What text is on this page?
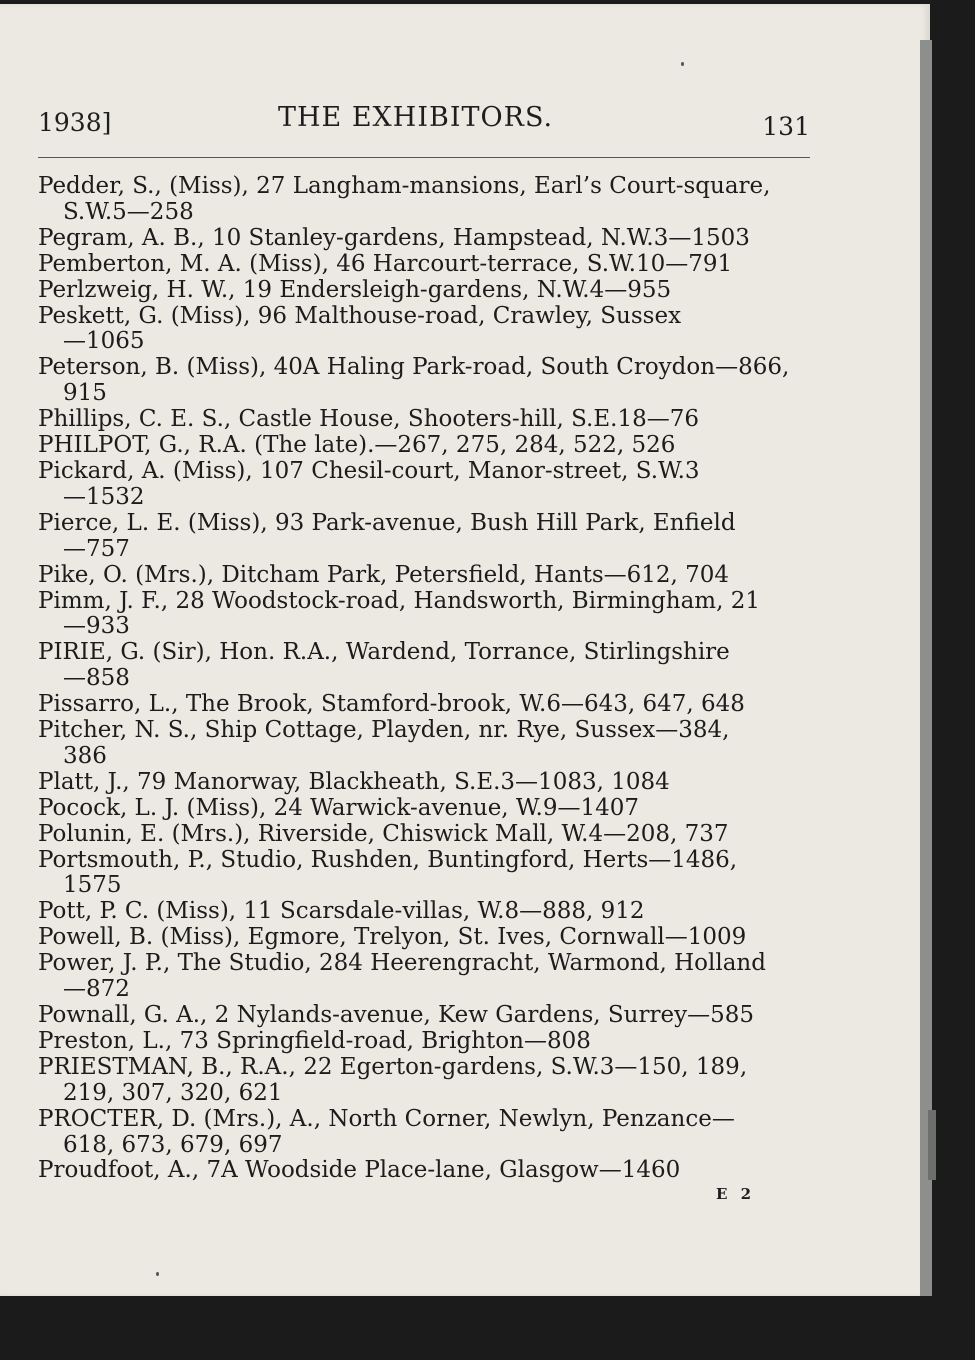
1938]	THE EXHIBITORS.	131
Pedder, S., (Miss), 27 Langham-mansions, Earl’s Court-square,
S.W.5—258
Pegram, A. B., 10 Stanley-gardens, Hampstead, N.W.3—1503
Pemberton, M. A. (Miss), 46 Harcourt-terrace, S.W.10—791
Perlzweig, H. W., 19 Endersleigh-gardens, N.W.4—955
Peskett, G. (Miss), 96 Malthouse-road, Crawley, Sussex
—1065
Peterson, B. (Miss), 40A Haling Park-road, South Croydon—866,
915
Phillips, C. E. S., Castle House, Shooters-hill, S.E.18—76
PHILPOT, G., R.A. (The late).—267, 275, 284, 522, 526
Pickard, A. (Miss), 107 Chesil-court, Manor-street, S.W.3
—1532
Pierce, L. E. (Miss), 93 Park-avenue, Bush Hill Park, Enfield
—757
Pike, O. (Mrs.), Ditcham Park, Petersfield, Hants—612, 704
Pimm, J. F., 28 Woodstock-road, Handsworth, Birmingham, 21
—933
PIRIE, G. (Sir), Hon. R.A., Wardend, Torrance, Stirlingshire
—858
Pissarro, L., The Brook, Stamford-brook, W.6—643, 647, 648
Pitcher, N. S., Ship Cottage, Playden, nr. Rye, Sussex—384,
386
Platt, J., 79 Manorway, Blackheath, S.E.3—1083, 1084
Pocock, L. J. (Miss), 24 Warwick-avenue, W.9—1407
Polunin, E. (Mrs.), Riverside, Chiswick Mall, W.4—208, 737
Portsmouth, P., Studio, Rushden, Buntingford, Herts—1486,
1575
Pott, P. C. (Miss), 11 Scarsdale-villas, W.8—888, 912
Powell, B. (Miss), Egmore, Trelyon, St. Ives, Cornwall—1009
Power, J. P., The Studio, 284 Heerengracht, Warmond, Holland
—872
Pownall, G. A., 2 Nylands-avenue, Kew Gardens, Surrey—585
Preston, L., 73 Springfield-road, Brighton—808
PRIESTMAN, B., R.A., 22 Egerton-gardens, S.W.3—150, 189,
219, 307, 320, 621
PROCTER, D. (Mrs.), A., North Corner, Newlyn, Penzance—
618, 673, 679, 697
Proudfoot, A., 7A Woodside Place-lane, Glasgow—1460
E 2
